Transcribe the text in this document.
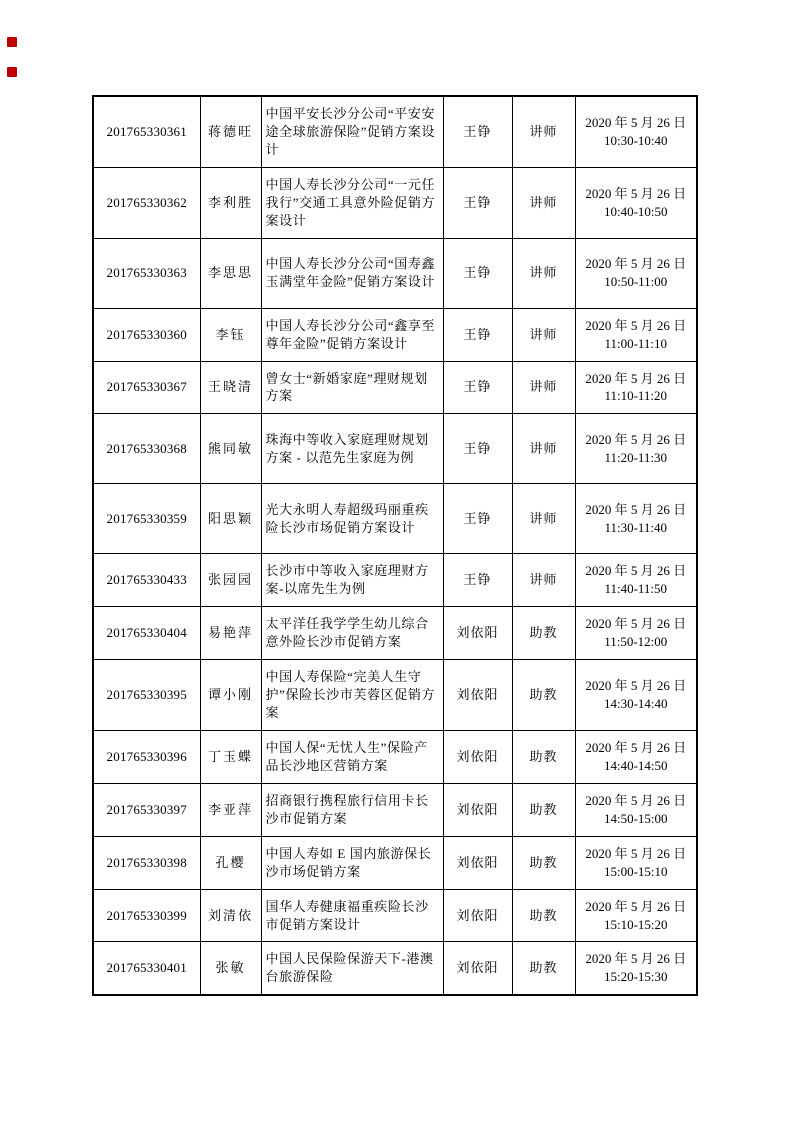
201765330361	蒋德旺	中国平安长沙分公司“平安安途全球旅游保险”促销方案设计	王铮	讲师	2020 年 5 月 26 日
10:30-10:40

201765330362	李利胜	中国人寿长沙分公司“一元任我行”交通工具意外险促销方案设计	王铮	讲师	2020 年 5 月 26 日
10:40-10:50

201765330363	李思思	中国人寿长沙分公司“国寿鑫玉满堂年金险”促销方案设计	王铮	讲师	2020 年 5 月 26 日
10:50-11:00

201765330360	李钰	中国人寿长沙分公司“鑫享至尊年金险”促销方案设计	王铮	讲师	2020 年 5 月 26 日
11:00-11:10

201765330367	王晓清	曾女士“新婚家庭”理财规划方案	王铮	讲师	2020 年 5 月 26 日
11:10-11:20

201765330368	熊同敏	珠海中等收入家庭理财规划方案 - 以范先生家庭为例	王铮	讲师	2020 年 5 月 26 日
11:20-11:30

201765330359	阳思颖	光大永明人寿超级玛丽重疾险长沙市场促销方案设计	王铮	讲师	2020 年 5 月 26 日
11:30-11:40

201765330433	张园园	长沙市中等收入家庭理财方案-以席先生为例	王铮	讲师	2020 年 5 月 26 日
11:40-11:50

201765330404	易艳萍	太平洋任我学学生幼儿综合意外险长沙市促销方案	刘依阳	助教	2020 年 5 月 26 日
11:50-12:00

201765330395	谭小刚	中国人寿保险“完美人生守护”保险长沙市芙蓉区促销方案	刘依阳	助教	2020 年 5 月 26 日
14:30-14:40

201765330396	丁玉蝶	中国人保“无忧人生”保险产品长沙地区营销方案	刘依阳	助教	2020 年 5 月 26 日
14:40-14:50

201765330397	李亚萍	招商银行携程旅行信用卡长沙市促销方案	刘依阳	助教	2020 年 5 月 26 日
14:50-15:00

201765330398	孔樱	中国人寿如 E 国内旅游保长沙市场促销方案	刘依阳	助教	2020 年 5 月 26 日
15:00-15:10

201765330399	刘清依	国华人寿健康福重疾险长沙市促销方案设计	刘依阳	助教	2020 年 5 月 26 日
15:10-15:20

201765330401	张敏	中国人民保险保游天下-港澳台旅游保险	刘依阳	助教	2020 年 5 月 26 日
15:20-15:30
